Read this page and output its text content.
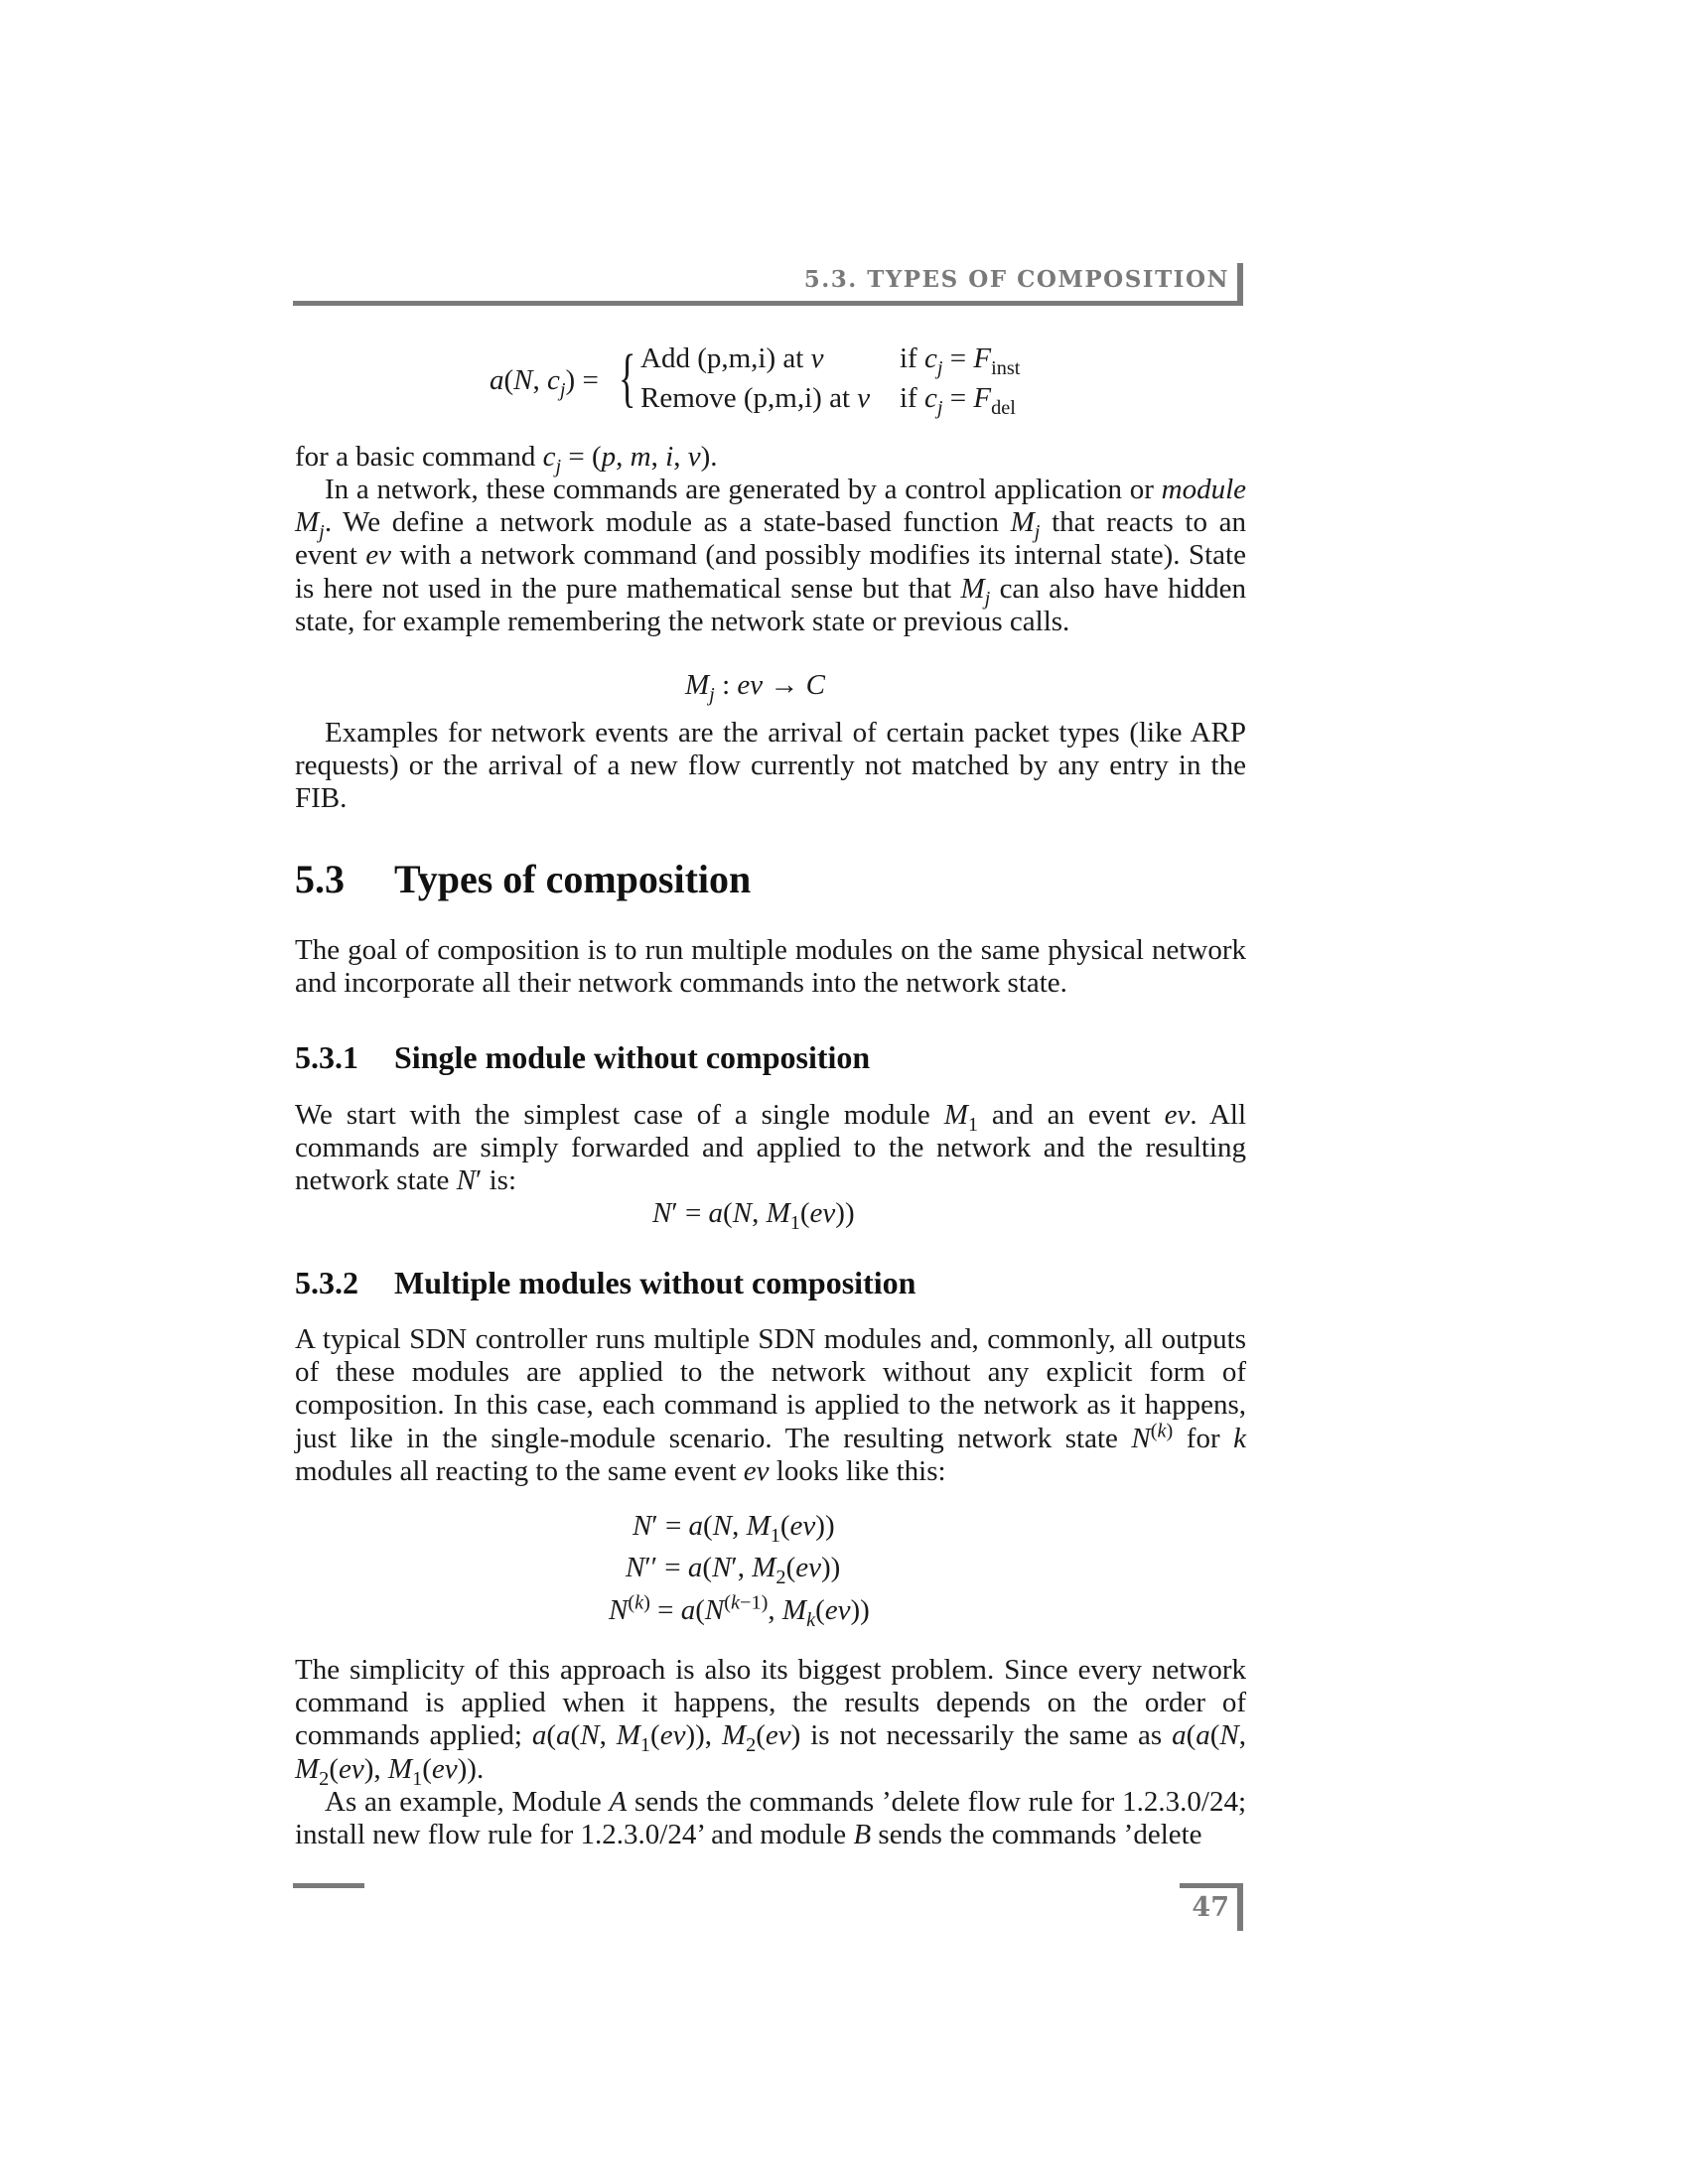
5.3. TYPES OF COMPOSITION
a(N, $c_j$) = { Add (p,m,i) at v	if $c_j = F_{inst}$
Remove (p,m,i) at v if $c_j = F_{del}$
for a basic command $c_j = (p$, m, i, v).
In a network, these commands are generated by a control application or module $M_j$. We define a network module as a state-based function $M_j$ that reacts to an event ev with a network command (and possibly modifies its internal state). State is here not used in the pure mathematical sense but that $M_j$ can also have hidden state, for example remembering the network state or previous calls.
$M_j$ : ev → C
Examples for network events are the arrival of certain packet types (like ARP requests) or the arrival of a new flow currently not matched by any entry in the FIB.
5.3 Types of composition
The goal of composition is to run multiple modules on the same physical network and incorporate all their network commands into the network state.
5.3.1 Single module without composition
We start with the simplest case of a single module $M_1$ and an event ev. All commands are simply forwarded and applied to the network and the resulting network state N′ is:
N′ = a(N, $M_1(ev)$)
5.3.2 Multiple modules without composition
A typical SDN controller runs multiple SDN modules and, commonly, all outputs of these modules are applied to the network without any explicit form of composition. In this case, each command is applied to the network as it happens, just like in the single-module scenario. The resulting network state $N^{(k)}$ for k modules all reacting to the same event ev looks like this:
N′ = a(N, $M_1(ev)$)
N′′ = a(N′, $M_2(ev)$)
$N^{(k)} = a(N^{(k-1)}$, $M_k(ev)$)
The simplicity of this approach is also its biggest problem. Since every network command is applied when it happens, the results depends on the order of commands applied; a(a(N, $M_1(ev)$), $M_2(ev)$ is not necessarily the same as a(a(N, $M_2(ev)$, $M_1(ev)$).
As an example, Module A sends the commands ’delete flow rule for 1.2.3.0/24; install new flow rule for 1.2.3.0/24’ and module B sends the commands ’delete
47
